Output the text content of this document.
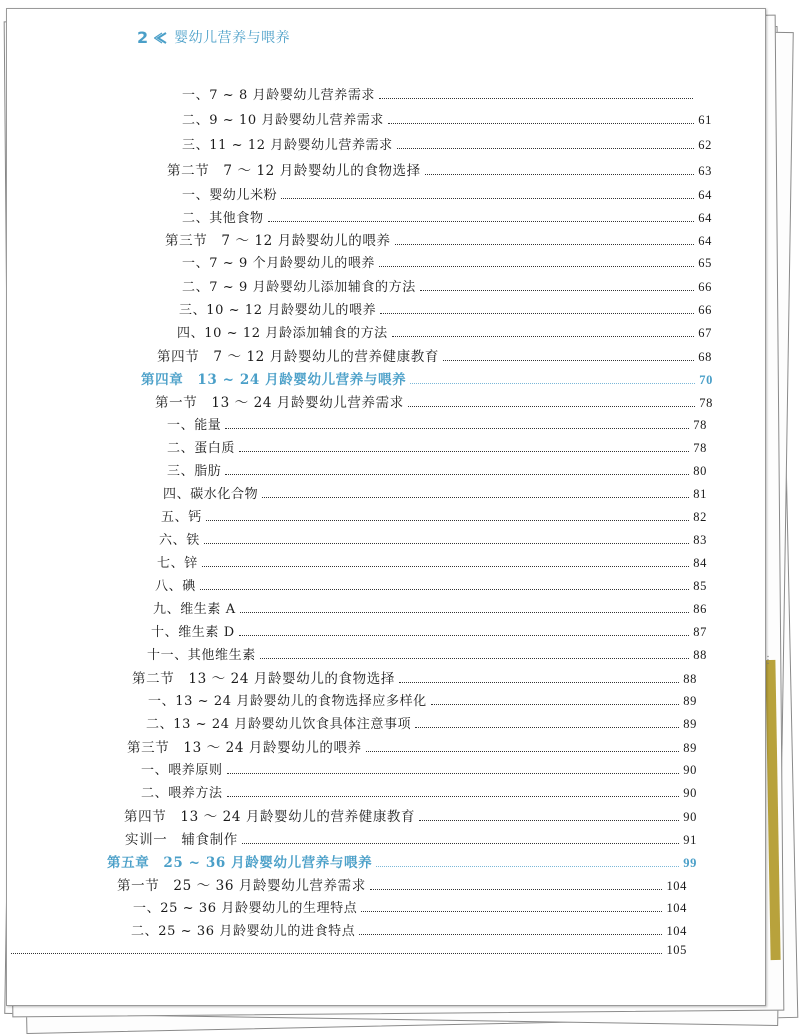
2 婴幼儿营养与喂养
一、7 ~ 8 月龄婴幼儿营养需求
二、9 ~ 10 月龄婴幼儿营养需求	61
三、11 ~ 12 月龄婴幼儿营养需求	62
第二节　7 ～ 12 月龄婴幼儿的食物选择	63
一、婴幼儿米粉	64
二、其他食物	64
第三节　7 ～ 12 月龄婴幼儿的喂养	64
一、7 ~ 9 个月龄婴幼儿的喂养	65
二、7 ~ 9 月龄婴幼儿添加辅食的方法	66
三、10 ~ 12 月龄婴幼儿的喂养	66
四、10 ~ 12 月龄添加辅食的方法	67
第四节　7 ～ 12 月龄婴幼儿的营养健康教育	68
第四章　13 ~ 24 月龄婴幼儿营养与喂养	70
第一节　13 ～ 24 月龄婴幼儿营养需求	78
一、能量	78
二、蛋白质	78
三、脂肪	80
四、碳水化合物	81
五、钙	82
六、铁	83
七、锌	84
八、碘	85
九、维生素 A	86
十、维生素 D	87
十一、其他维生素	88
第二节　13 ～ 24 月龄婴幼儿的食物选择	88
一、13 ~ 24 月龄婴幼儿的食物选择应多样化	89
二、13 ~ 24 月龄婴幼儿饮食具体注意事项	89
第三节　13 ～ 24 月龄婴幼儿的喂养	89
一、喂养原则	90
二、喂养方法	90
第四节　13 ～ 24 月龄婴幼儿的营养健康教育	90
实训一　辅食制作	91
第五章　25 ~ 36 月龄婴幼儿营养与喂养	99
第一节　25 ～ 36 月龄婴幼儿营养需求	104
一、25 ~ 36 月龄婴幼儿的生理特点	104
二、25 ~ 36 月龄婴幼儿的进食特点	104
105
⋮
